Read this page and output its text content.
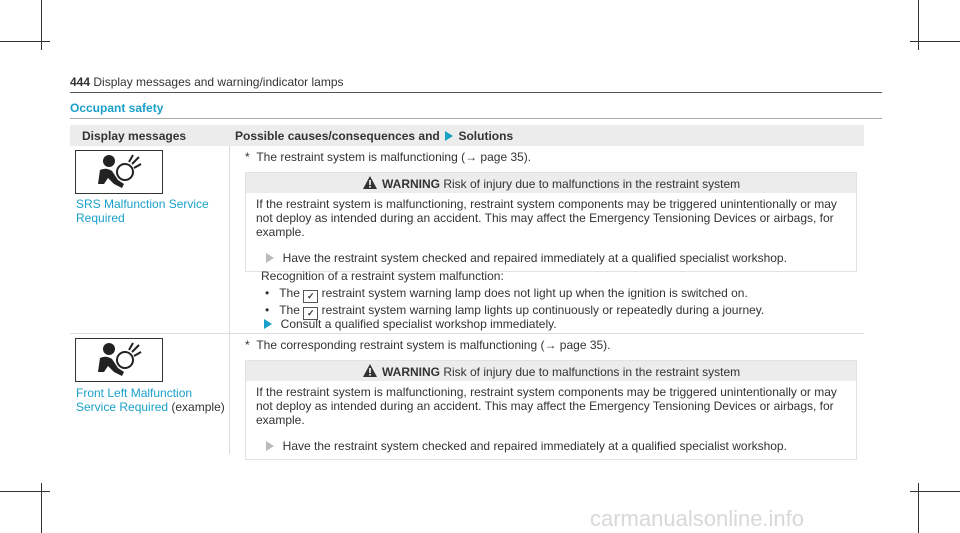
444 Display messages and warning/indicator lamps
Occupant safety
Display messages	Possible causes/consequences and Solutions
SRS Malfunction Service Required
*  The restraint system is malfunctioning (→ page 35).
WARNING Risk of injury due to malfunctions in the restraint system
If the restraint system is malfunctioning, restraint system components may be triggered unintentionally or may
not deploy as intended during an accident. This may affect the Emergency Tensioning Devices or airbags, for
example.
Have the restraint system checked and repaired immediately at a qualified specialist workshop.
Recognition of a restraint system malfunction:
•   The ✓ restraint system warning lamp does not light up when the ignition is switched on.
•   The ✓ restraint system warning lamp lights up continuously or repeatedly during a journey.
Consult a qualified specialist workshop immediately.
Front Left Malfunction
Service Required (example)
*  The corresponding restraint system is malfunctioning (→ page 35).
WARNING Risk of injury due to malfunctions in the restraint system
If the restraint system is malfunctioning, restraint system components may be triggered unintentionally or may
not deploy as intended during an accident. This may affect the Emergency Tensioning Devices or airbags, for
example.
Have the restraint system checked and repaired immediately at a qualified specialist workshop.
carmanualsonline.info
